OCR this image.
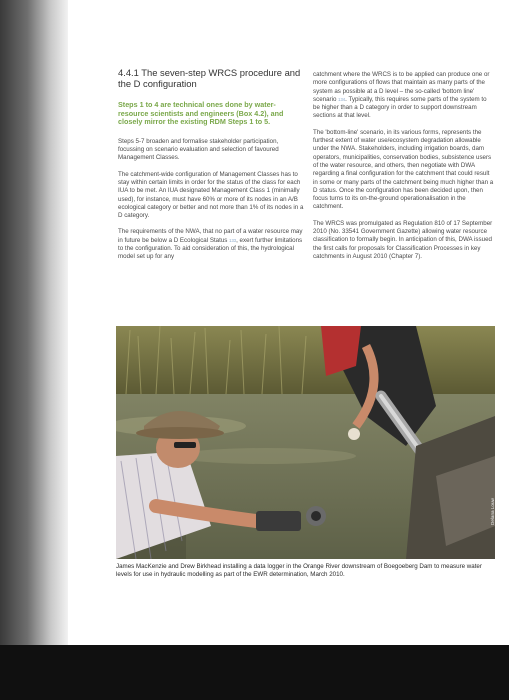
4.4.1 The seven-step WRCS procedure and the D configuration
Steps 1 to 4 are technical ones done by water-resource scientists and engineers (Box 4.2), and closely mirror the existing RDM Steps 1 to 5.

Steps 5-7 broaden and formalise stakeholder participation, focussing on scenario evaluation and selection of favoured Management Classes.

The catchment-wide configuration of Management Classes has to stay within certain limits in order for the status of the class for each IUA to be met. An IUA designated Management Class 1 (minimally used), for instance, must have 60% or more of its nodes in an A/B ecological category or better and not more than 1% of its nodes in a D category.

The requirements of the NWA, that no part of a water resource may in future be below a D Ecological Status 133, exert further limitations to the configuration. To aid consideration of this, the hydrological model set up for any

catchment where the WRCS is to be applied can produce one or more configurations of flows that maintain as many parts of the system as possible at a D level – the so-called 'bottom line' scenario 134. Typically, this requires some parts of the system to be higher than a D category in order to support downstream sections at that level.

The 'bottom-line' scenario, in its various forms, represents the furthest extent of water use/ecosystem degradation allowable under the NWA. Stakeholders, including irrigation boards, dam operators, municipalities, conservation bodies, subsistence users of the water resource, and others, then negotiate with DWA regarding a final configuration for the catchment that could result in some or many parts of the catchment being much higher than a D status. Once the configuration has been decided upon, then focus turns to its on-the-ground operationalisation in the catchment.

The WRCS was promulgated as Regulation 810 of 17 September 2010 (No. 33541 Government Gazette) allowing water resource classification to formally begin. In anticipation of this, DWA issued the first calls for proposals for Classification Processes in key catchments in August 2010 (Chapter 7).

Delana Louw
James MacKenzie and Drew Birkhead installing a data logger in the Orange River downstream of Boegoeberg Dam to measure water levels for use in hydraulic modelling as part of the EWR determination, March 2010.
